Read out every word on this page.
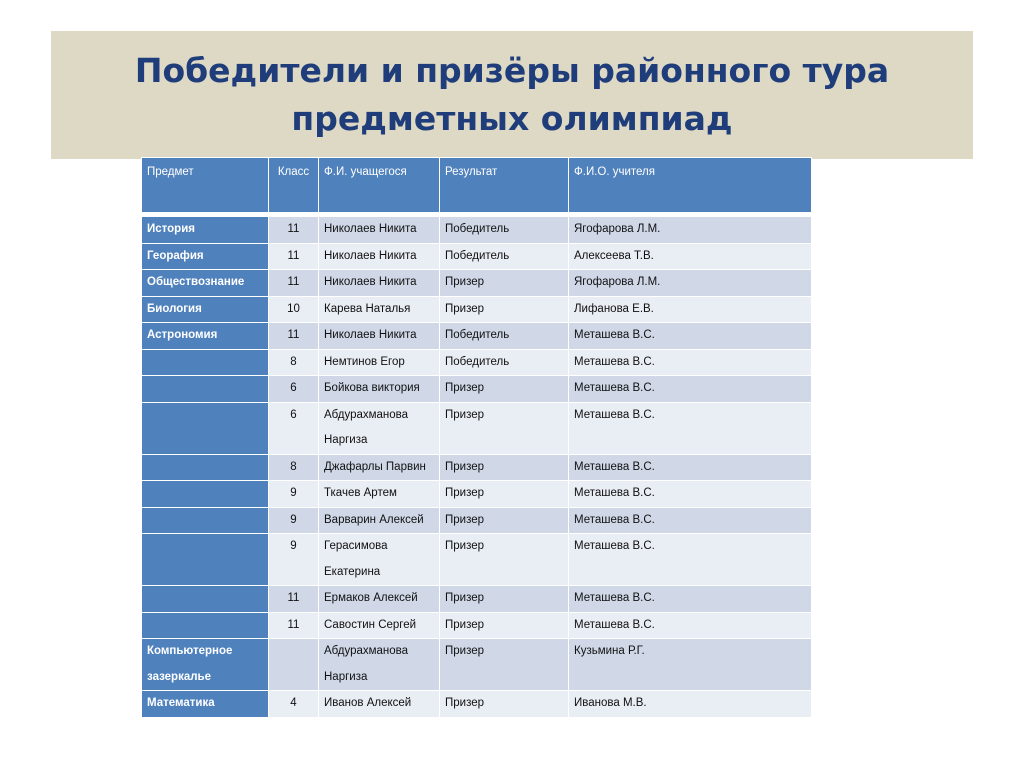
Победители и призёры районного тура предметных олимпиад
Предмет	Класс	Ф.И. учащегося	Результат	Ф.И.О. учителя

История	11	Николаев Никита	Победитель	Ягофарова Л.М.
Георафия	11	Николаев Никита	Победитель	Алексеева Т.В.
Обществознание	11	Николаев Никита	Призер	Ягофарова Л.М.
Биология	10	Карева Наталья	Призер	Лифанова Е.В.
Астрономия	11	Николаев Никита	Победитель	Меташева В.С.
	8	Немтинов Егор	Победитель	Меташева В.С.
	6	Бойкова виктория	Призер	Меташева В.С.
	6	Абдурахманова Наргиза	Призер	Меташева В.С.
	8	Джафарлы Парвин	Призер	Меташева В.С.
	9	Ткачев Артем	Призер	Меташева В.С.
	9	Варварин Алексей	Призер	Меташева В.С.
	9	Герасимова Екатерина	Призер	Меташева В.С.
	11	Ермаков Алексей	Призер	Меташева В.С.
	11	Савостин Сергей	Призер	Меташева В.С.
Компьютерное зазеркалье		Абдурахманова Наргиза	Призер	Кузьмина Р.Г.
Математика	4	Иванов Алексей	Призер	Иванова М.В.
